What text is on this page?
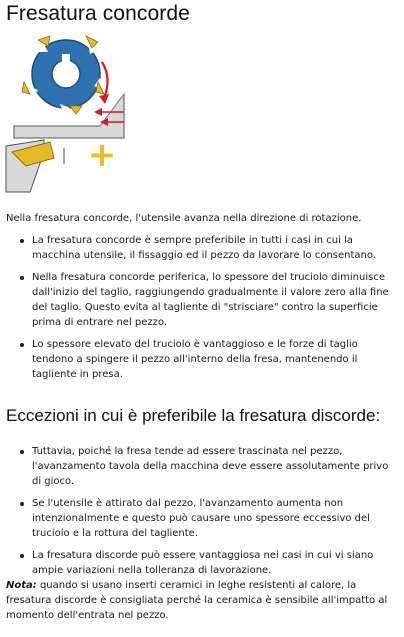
Fresatura concorde
+

Nella fresatura concorde, l'utensile avanza nella direzione di rotazione.

La fresatura concorde è sempre preferibile in tutti i casi in cui la macchina utensile, il fissaggio ed il pezzo da lavorare lo consentano.
Nella fresatura concorde periferica, lo spessore del truciolo diminuisce dall'inizio del taglio, raggiungendo gradualmente il valore zero alla fine del taglio. Questo evita al tagliente di "strisciare" contro la superficie prima di entrare nel pezzo.
Lo spessore elevato del truciolo è vantaggioso e le forze di taglio tendono a spingere il pezzo all'interno della fresa, mantenendo il tagliente in presa.
Eccezioni in cui è preferibile la fresatura discorde:
Tuttavia, poiché la fresa tende ad essere trascinata nel pezzo, l'avanzamento tavola della macchina deve essere assolutamente privo di gioco.
Se l'utensile è attirato dal pezzo, l'avanzamento aumenta non intenzionalmente e questo può causare uno spessore eccessivo del truciolo e la rottura del tagliente.
La fresatura discorde può essere vantaggiosa nei casi in cui vi siano ampie variazioni nella tolleranza di lavorazione.

Nota: quando si usano inserti ceramici in leghe resistenti al calore, la fresatura discorde è consigliata perché la ceramica è sensibile all'impatto al momento dell'entrata nel pezzo.
